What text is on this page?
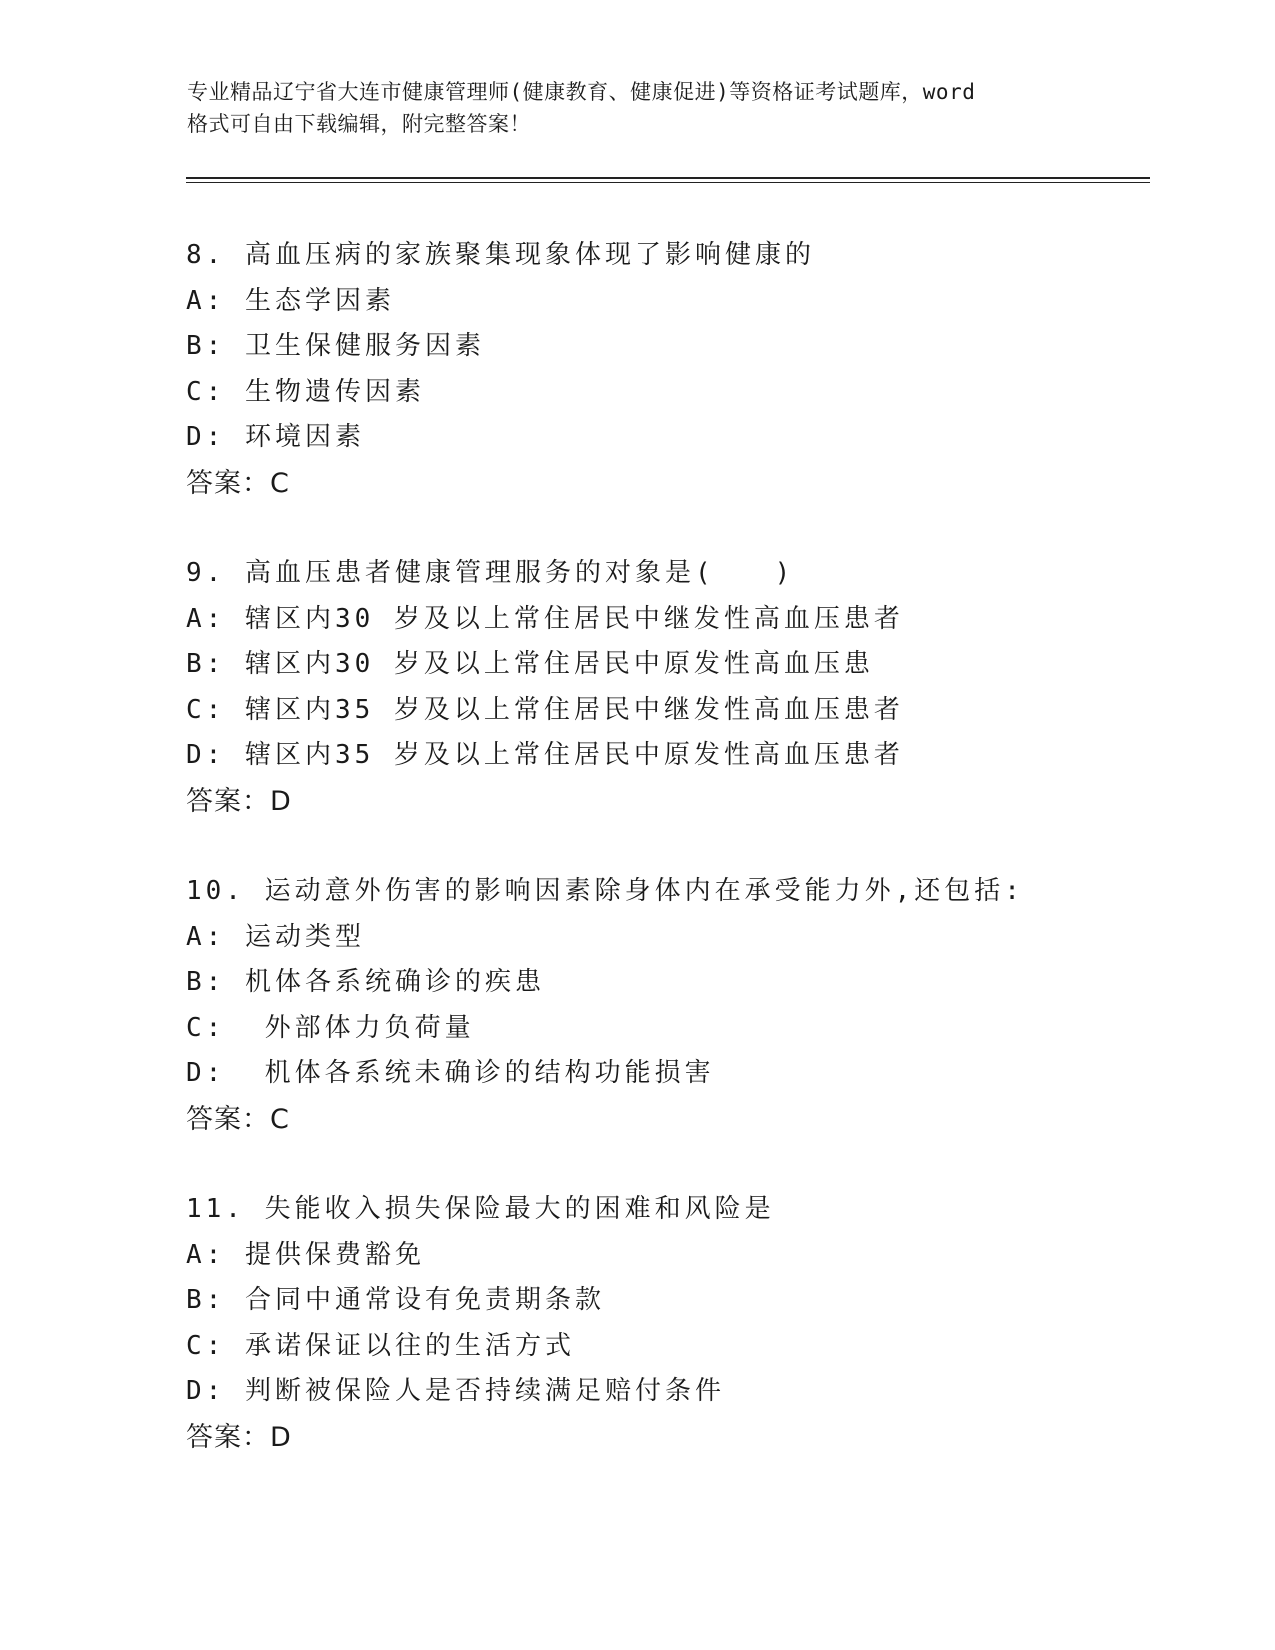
专业精品辽宁省大连市健康管理师(健康教育、健康促进)等资格证考试题库，word
格式可自由下载编辑，附完整答案！
8. 高血压病的家族聚集现象体现了影响健康的
A: 生态学因素
B: 卫生保健服务因素
C: 生物遗传因素
D: 环境因素
答案：C
9. 高血压患者健康管理服务的对象是(　　)
A: 辖区内30 岁及以上常住居民中继发性高血压患者
B: 辖区内30 岁及以上常住居民中原发性高血压患
C: 辖区内35 岁及以上常住居民中继发性高血压患者
D: 辖区内35 岁及以上常住居民中原发性高血压患者
答案：D
10. 运动意外伤害的影响因素除身体内在承受能力外,还包括:
A: 运动类型
B: 机体各系统确诊的疾患
C:  外部体力负荷量
D:  机体各系统未确诊的结构功能损害
答案：C
11. 失能收入损失保险最大的困难和风险是
A: 提供保费豁免
B: 合同中通常设有免责期条款
C: 承诺保证以往的生活方式
D: 判断被保险人是否持续满足赔付条件
答案：D
